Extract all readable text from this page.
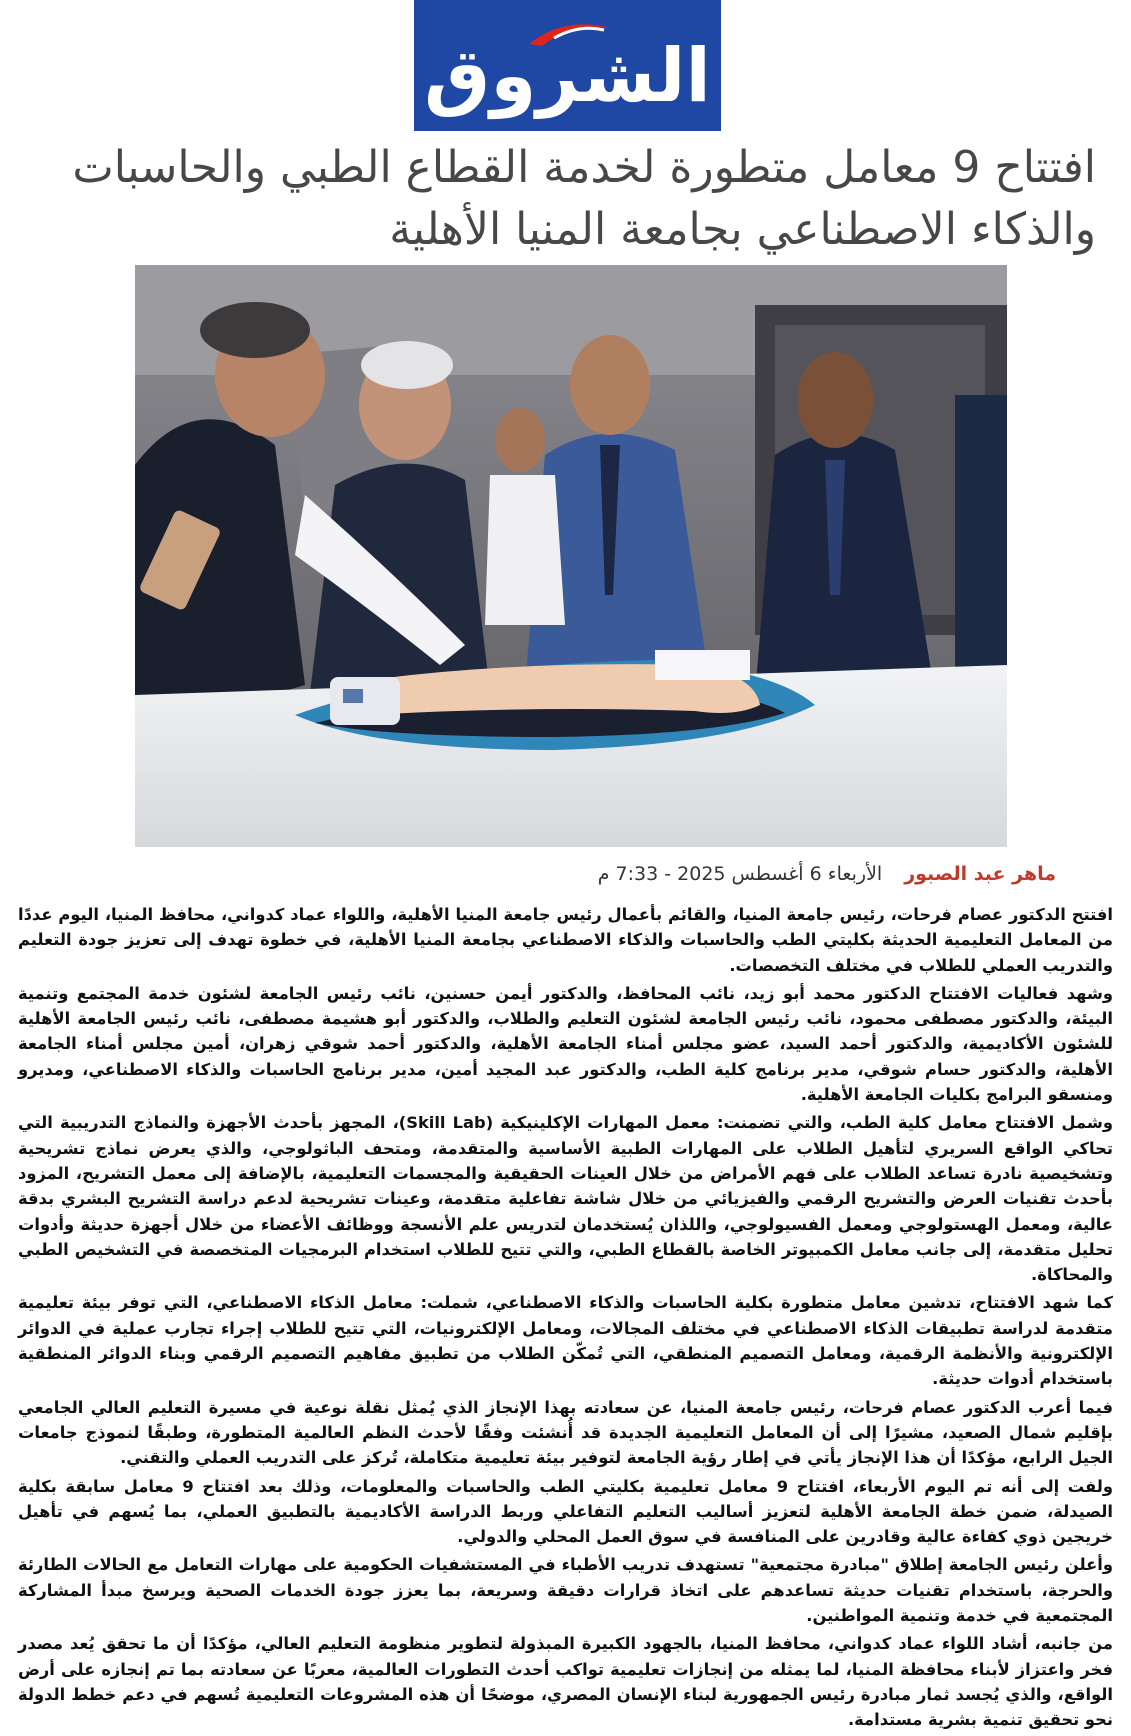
الشروق
افتتاح 9 معامل متطورة لخدمة القطاع الطبي والحاسبات
والذكاء الاصطناعي بجامعة المنيا الأهلية
ماهر عبد الصبور
الأربعاء 6 أغسطس 2025 - 7:33 م

افتتح الدكتور عصام فرحات، رئيس جامعة المنيا، والقائم بأعمال رئيس جامعة المنيا الأهلية، واللواء عماد كدواني، محافظ المنيا، اليوم عددًا من المعامل التعليمية الحديثة بكليتي الطب والحاسبات والذكاء الاصطناعي بجامعة المنيا الأهلية، في خطوة تهدف إلى تعزيز جودة التعليم والتدريب العملي للطلاب في مختلف التخصصات.

وشهد فعاليات الافتتاح الدكتور محمد أبو زيد، نائب المحافظ، والدكتور أيمن حسنين، نائب رئيس الجامعة لشئون خدمة المجتمع وتنمية البيئة، والدكتور مصطفى محمود، نائب رئيس الجامعة لشئون التعليم والطلاب، والدكتور أبو هشيمة مصطفى، نائب رئيس الجامعة الأهلية للشئون الأكاديمية، والدكتور أحمد السيد، عضو مجلس أمناء الجامعة الأهلية، والدكتور أحمد شوقي زهران، أمين مجلس أمناء الجامعة الأهلية، والدكتور حسام شوقي، مدير برنامج كلية الطب، والدكتور عبد المجيد أمين، مدير برنامج الحاسبات والذكاء الاصطناعي، ومديرو ومنسقو البرامج بكليات الجامعة الأهلية.

وشمل الافتتاح معامل كلية الطب، والتي تضمنت: معمل المهارات الإكلينيكية (Skill Lab)، المجهز بأحدث الأجهزة والنماذج التدريبية التي تحاكي الواقع السريري لتأهيل الطلاب على المهارات الطبية الأساسية والمتقدمة، ومتحف الباثولوجي، والذي يعرض نماذج تشريحية وتشخيصية نادرة تساعد الطلاب على فهم الأمراض من خلال العينات الحقيقية والمجسمات التعليمية، بالإضافة إلى معمل التشريح، المزود بأحدث تقنيات العرض والتشريح الرقمي والفيزيائي من خلال شاشة تفاعلية متقدمة، وعينات تشريحية لدعم دراسة التشريح البشري بدقة عالية، ومعمل الهستولوجي ومعمل الفسيولوجي، واللذان يُستخدمان لتدريس علم الأنسجة ووظائف الأعضاء من خلال أجهزة حديثة وأدوات تحليل متقدمة، إلى جانب معامل الكمبيوتر الخاصة بالقطاع الطبي، والتي تتيح للطلاب استخدام البرمجيات المتخصصة في التشخيص الطبي والمحاكاة.

كما شهد الافتتاح، تدشين معامل متطورة بكلية الحاسبات والذكاء الاصطناعي، شملت: معامل الذكاء الاصطناعي، التي توفر بيئة تعليمية متقدمة لدراسة تطبيقات الذكاء الاصطناعي في مختلف المجالات، ومعامل الإلكترونيات، التي تتيح للطلاب إجراء تجارب عملية في الدوائر الإلكترونية والأنظمة الرقمية، ومعامل التصميم المنطقي، التي تُمكّن الطلاب من تطبيق مفاهيم التصميم الرقمي وبناء الدوائر المنطقية باستخدام أدوات حديثة.

فيما أعرب الدكتور عصام فرحات، رئيس جامعة المنيا، عن سعادته بهذا الإنجاز الذي يُمثل نقلة نوعية في مسيرة التعليم العالي الجامعي بإقليم شمال الصعيد، مشيرًا إلى أن المعامل التعليمية الجديدة قد أُنشئت وفقًا لأحدث النظم العالمية المتطورة، وطبقًا لنموذج جامعات الجيل الرابع، مؤكدًا أن هذا الإنجاز يأتي في إطار رؤية الجامعة لتوفير بيئة تعليمية متكاملة، تُركز على التدريب العملي والتقني.

ولفت إلى أنه تم اليوم الأربعاء، افتتاح 9 معامل تعليمية بكليتي الطب والحاسبات والمعلومات، وذلك بعد افتتاح 9 معامل سابقة بكلية الصيدلة، ضمن خطة الجامعة الأهلية لتعزيز أساليب التعليم التفاعلي وربط الدراسة الأكاديمية بالتطبيق العملي، بما يُسهم في تأهيل خريجين ذوي كفاءة عالية وقادرين على المنافسة في سوق العمل المحلي والدولي.

وأعلن رئيس الجامعة إطلاق "مبادرة مجتمعية" تستهدف تدريب الأطباء في المستشفيات الحكومية على مهارات التعامل مع الحالات الطارئة والحرجة، باستخدام تقنيات حديثة تساعدهم على اتخاذ قرارات دقيقة وسريعة، بما يعزز جودة الخدمات الصحية ويرسخ مبدأ المشاركة المجتمعية في خدمة وتنمية المواطنين.

من جانبه، أشاد اللواء عماد كدواني، محافظ المنيا، بالجهود الكبيرة المبذولة لتطوير منظومة التعليم العالي، مؤكدًا أن ما تحقق يُعد مصدر فخر واعتزاز لأبناء محافظة المنيا، لما يمثله من إنجازات تعليمية تواكب أحدث التطورات العالمية، معربًا عن سعادته بما تم إنجازه على أرض الواقع، والذي يُجسد ثمار مبادرة رئيس الجمهورية لبناء الإنسان المصري، موضحًا أن هذه المشروعات التعليمية تُسهم في دعم خطط الدولة نحو تحقيق تنمية بشرية مستدامة.
